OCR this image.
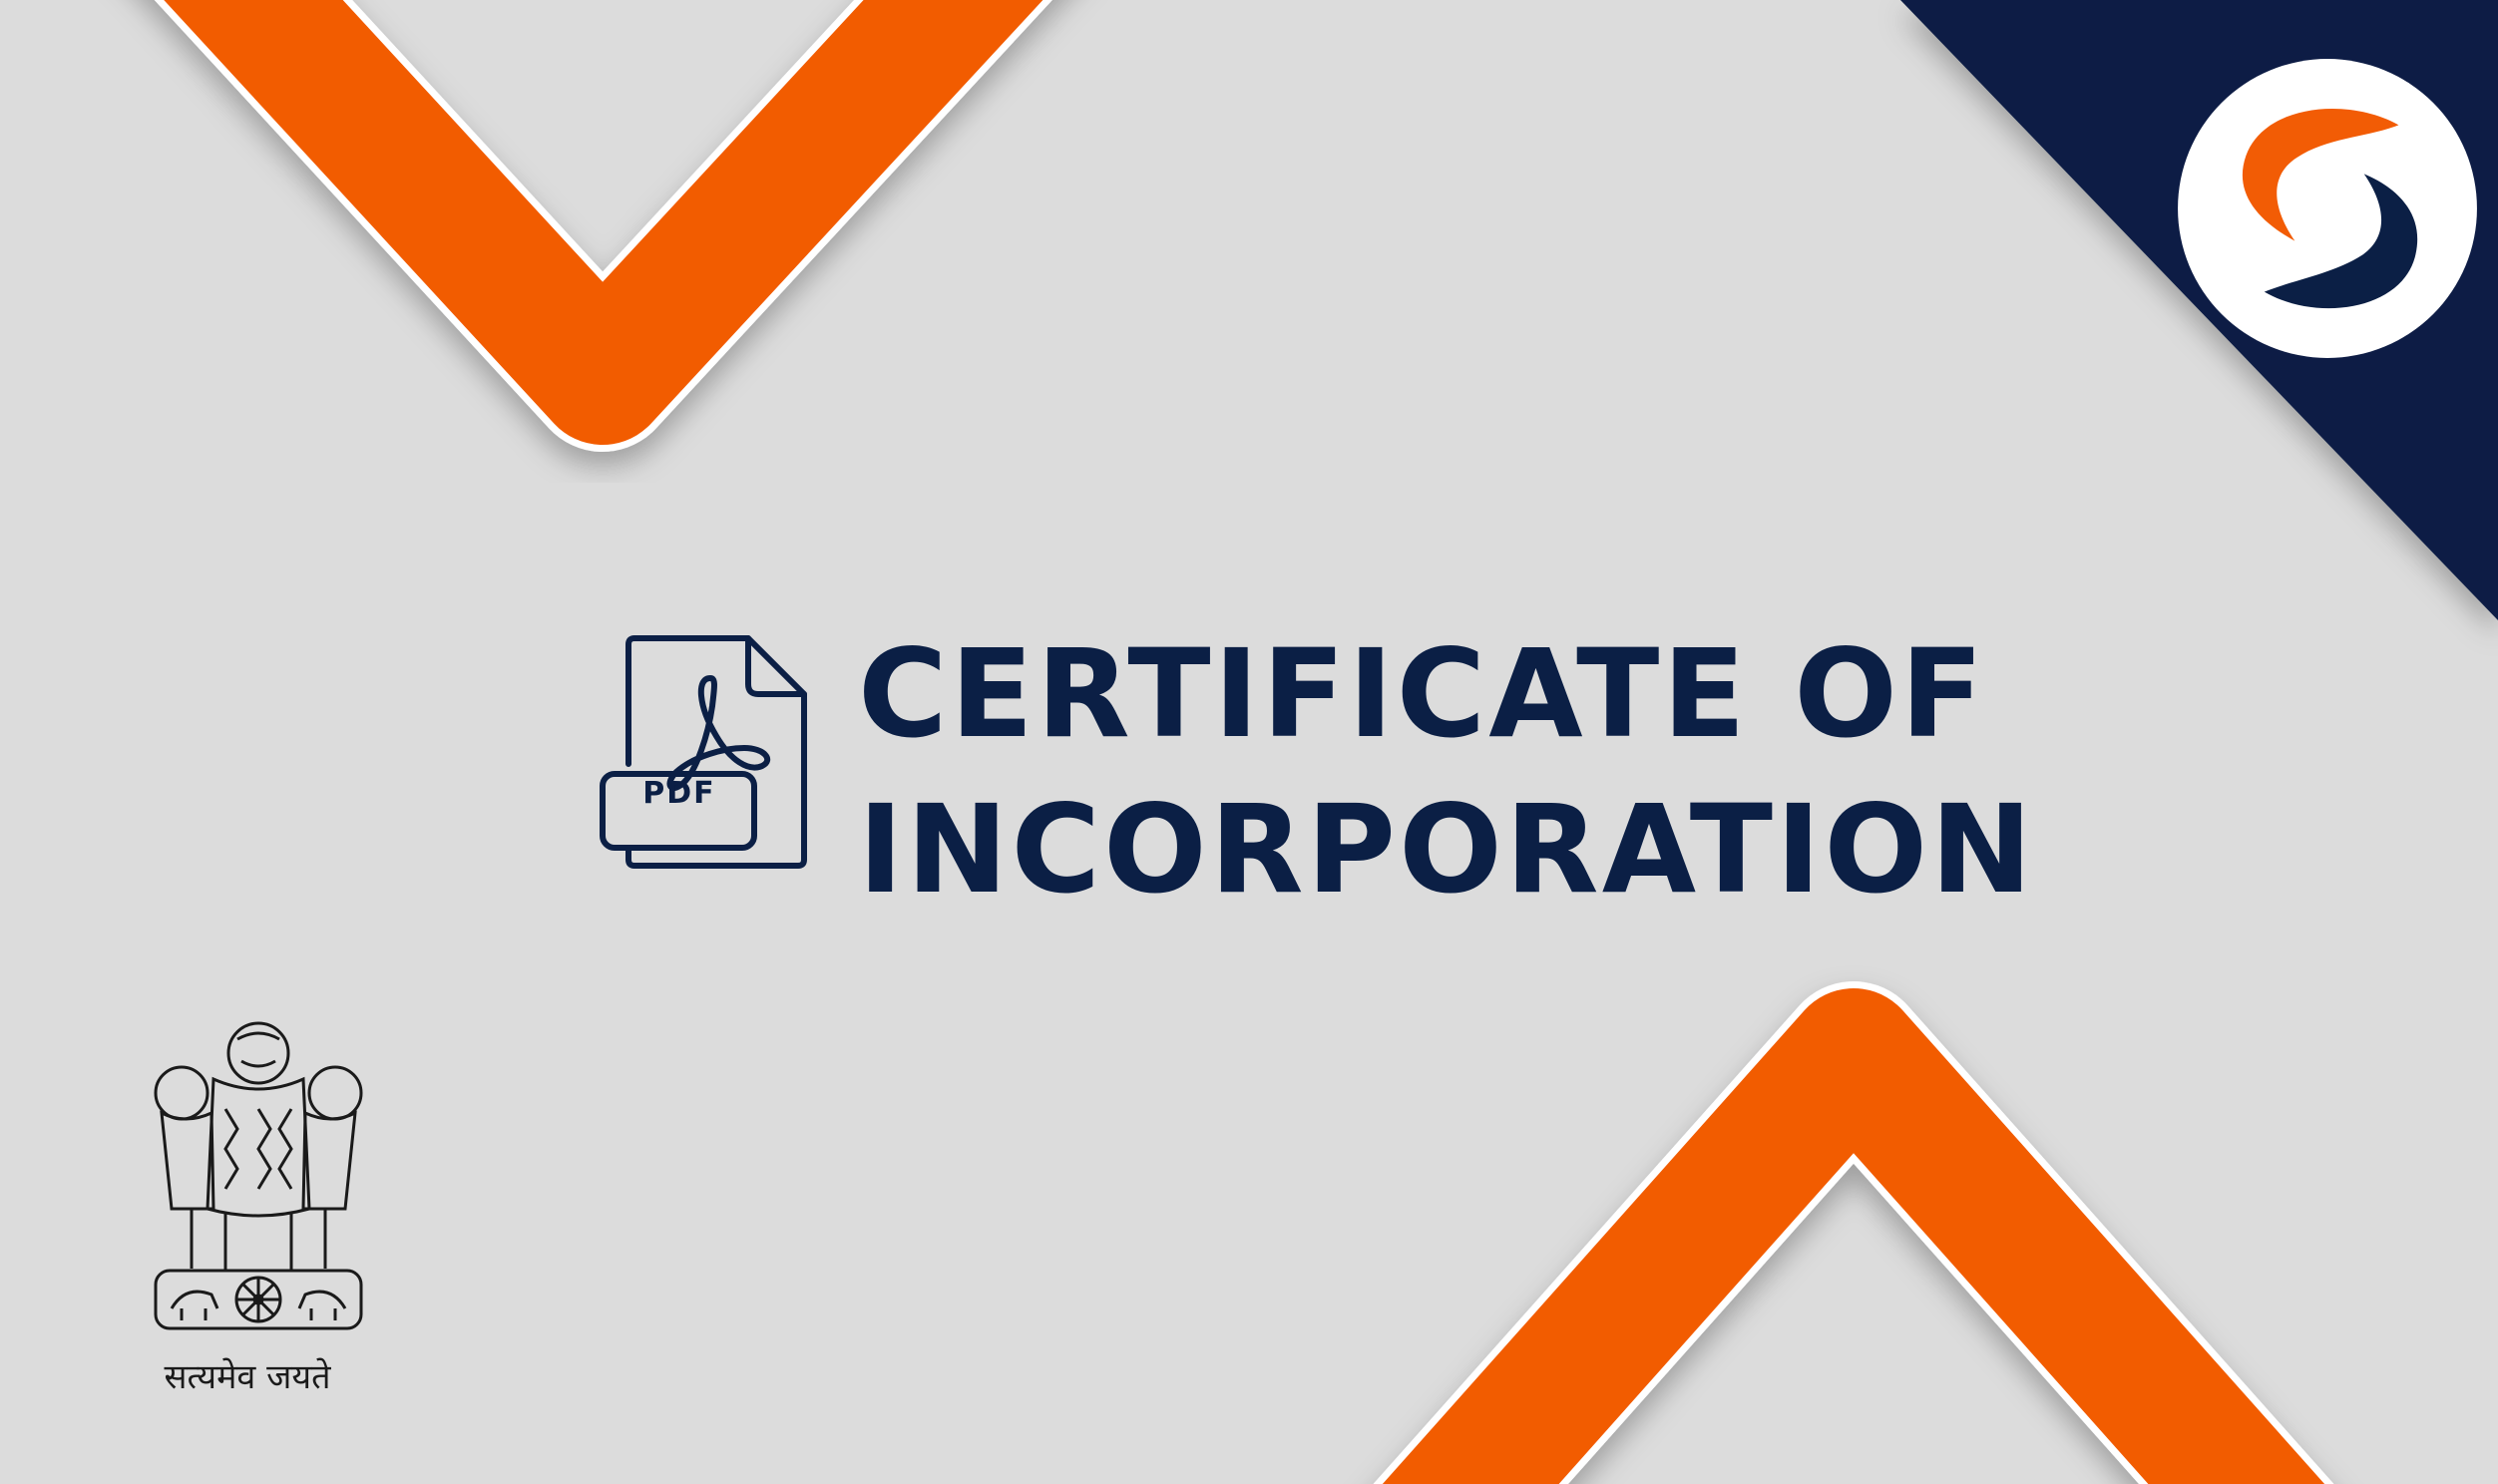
PDF
CERTIFICATE OF
INCORPORATION
सत्यमेव जयते
